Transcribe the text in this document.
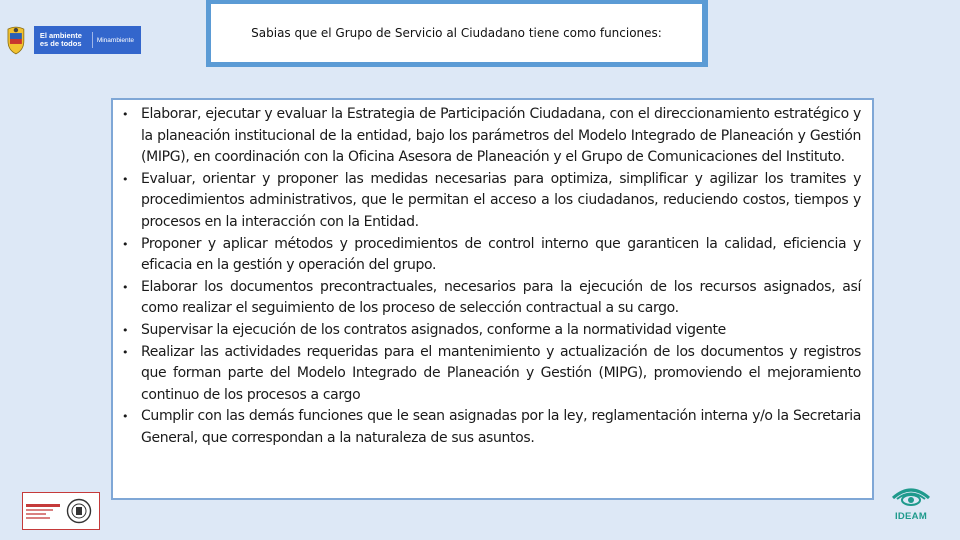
El ambiente es de todos	Minambiente	Sabias que el Grupo de Servicio al Ciudadano tiene como funciones:
• Elaborar, ejecutar y evaluar la Estrategia de Participación Ciudadana, con el direccionamiento estratégico y la planeación institucional de la entidad, bajo los parámetros del Modelo Integrado de Planeación y Gestión (MIPG), en coordinación con la Oficina Asesora de Planeación y el Grupo de Comunicaciones del Instituto.
• Evaluar, orientar y proponer las medidas necesarias para optimiza, simplificar y agilizar los tramites y procedimientos administrativos, que le permitan el acceso a los ciudadanos, reduciendo costos, tiempos y procesos en la interacción con la Entidad.
• Proponer y aplicar métodos y procedimientos de control interno que garanticen la calidad, eficiencia y eficacia en la gestión y operación del grupo.
• Elaborar los documentos precontractuales, necesarios para la ejecución de los recursos asignados, así como realizar el seguimiento de los proceso de selección contractual a su cargo.
• Supervisar la ejecución de los contratos asignados, conforme a la normatividad vigente
• Realizar las actividades requeridas para el mantenimiento y actualización de los documentos y registros que forman parte del Modelo Integrado de Planeación y Gestión (MIPG), promoviendo el mejoramiento continuo de los procesos a cargo
• Cumplir con las demás funciones que le sean asignadas por la ley, reglamentación interna y/o la Secretaria General, que correspondan a la naturaleza de sus asuntos.
IDEAM
